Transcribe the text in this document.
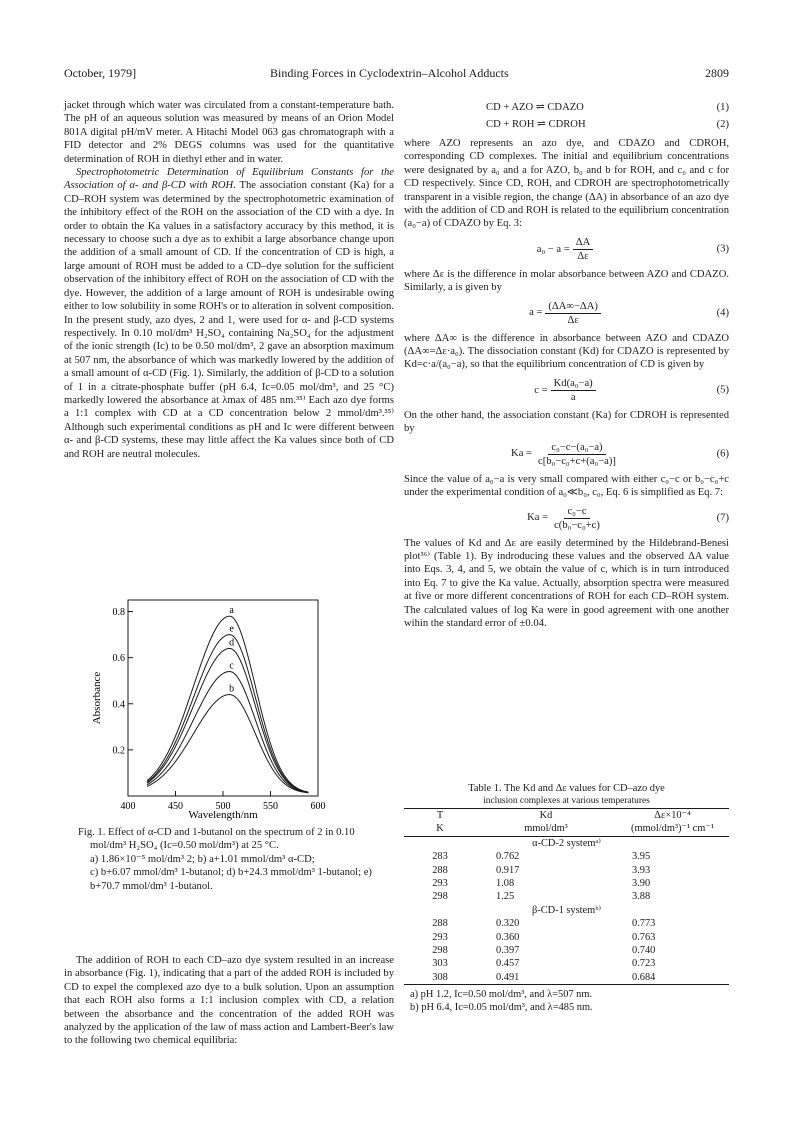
October, 1979]	Binding Forces in Cyclodextrin–Alcohol Adducts	2809

jacket through which water was circulated from a constant-temperature bath. The pH of an aqueous solution was measured by means of an Orion Model 801A digital pH/mV meter. A Hitachi Model 063 gas chromatograph with a FID detector and 2% DEGS columns was used for the quantitative determination of ROH in diethyl ether and in water.

Spectrophotometric Determination of Equilibrium Constants for the Association of α- and β-CD with ROH. The association constant (Ka) for a CD–ROH system was determined by the spectrophotometric examination of the inhibitory effect of the ROH on the association of the CD with a dye. In order to obtain the Ka values in a satisfactory accuracy by this method, it is necessary to choose such a dye as to exhibit a large absorbance change upon the addition of a small amount of CD. If the concentration of CD is high, a large amount of ROH must be added to a CD–dye solution for the sufficient observation of the inhibitory effect of ROH on the association of CD with the dye. However, the addition of a large amount of ROH is undesirable owing either to low solubility in some ROH's or to alteration in solvent composition. In the present study, azo dyes, 2 and 1, were used for α- and β-CD systems respectively. In 0.10 mol/dm³ H₂SO₄ containing Na₂SO₄ for the adjustment of the ionic strength (Ic) to be 0.50 mol/dm³, 2 gave an absorption maximum at 507 nm, the absorbance of which was markedly lowered by the addition of a small amount of α-CD (Fig. 1). Similarly, the addition of β-CD to a solution of 1 in a citrate-phosphate buffer (pH 6.4, Ic=0.05 mol/dm³, and 25 °C) markedly lowered the absorbance at λmax of 485 nm.³⁵⁾ Each azo dye forms a 1:1 complex with CD at a CD concentration below 2 mmol/dm³.³⁵⁾ Although such experimental conditions as pH and Ic were different between α- and β-CD systems, these may little affect the Ka values since both of CD and ROH are neutral molecules.

0.2
0.4
0.6
0.8
400	450	500	550	600
a
e
d
c
b
Absorbance
Wavelength/nm

Fig. 1. Effect of α-CD and 1-butanol on the spectrum of 2 in 0.10 mol/dm³ H₂SO₄ (Ic=0.50 mol/dm³) at 25 °C.

a) 1.86×10⁻⁵ mol/dm³ 2; b) a+1.01 mmol/dm³ α-CD;

c) b+6.07 mmol/dm³ 1-butanol; d) b+24.3 mmol/dm³ 1-butanol; e) b+70.7 mmol/dm³ 1-butanol.

The addition of ROH to each CD–azo dye system resulted in an increase in absorbance (Fig. 1), indicating that a part of the added ROH is included by CD to expel the complexed azo dye to a bulk solution. Upon an assumption that each ROH also forms a 1:1 inclusion complex with CD, a relation between the absorbance and the concentration of the added ROH was analyzed by the application of the law of mass action and Lambert-Beer's law to the following two chemical equilibria:

CD + AZO ⇌ CDAZO	(1)
CD + ROH ⇌ CDROH	(2)

where AZO represents an azo dye, and CDAZO and CDROH, corresponding CD complexes. The initial and equilibrium concentrations were designated by a₀ and a for AZO, b₀ and b for ROH, and c₀ and c for CD respectively. Since CD, ROH, and CDROH are spectrophotometrically transparent in a visible region, the change (ΔA) in absorbance of an azo dye with the addition of CD and ROH is related to the equilibrium concentration (a₀−a) of CDAZO by Eq. 3:

$a_0 - a = \frac{\Delta A}{\Delta\varepsilon}$	(3)

where Δε is the difference in molar absorbance between AZO and CDAZO. Similarly, a is given by

$a = \frac{(\Delta A\infty-\Delta A)}{\Delta\varepsilon}$	(4)

where ΔA∞ is the difference in absorbance between AZO and CDAZO (ΔA∞=Δε·a₀). The dissociation constant (Kd) for CDAZO is represented by Kd=c·a/(a₀−a), so that the equilibrium concentration of CD is given by

$c = \frac{\text{Kd(a₀−a)}}{a}$	(5)

On the other hand, the association constant (Ka) for CDROH is represented by

$Ka = \frac{\text{c₀−c−(a₀−a)}}{\text{c[b₀−c₀+c+(a₀−a)]}}$	(6)

Since the value of a₀−a is very small compared with either c₀−c or b₀−c₀+c under the experimental condition of a₀≪b₀, c₀, Eq. 6 is simplified as Eq. 7:

$Ka = \frac{\text{c₀−c}}{\text{c(b₀−c₀+c)}}$	(7)

The values of Kd and Δε are easily determined by the Hildebrand-Benesi plot³⁶⁾ (Table 1). By indroducing these values and the observed ΔA value into Eqs. 3, 4, and 5, we obtain the value of c, which is in turn introduced into Eq. 7 to give the Ka value. Actually, absorption spectra were measured at five or more different concentrations of ROH for each CD–ROH system. The calculated values of log Ka were in good agreement with one another wihin the standard error of ±0.04.

Table 1. The Kd and Δε values for CD–azo dye
inclusion complexes at various temperatures
T	Kd	Δε×10⁻⁴
K	mmol/dm³	(mmol/dm³)⁻¹ cm⁻¹
α-CD-2 systemᵃ⁾		
283	0.762	3.95
288	0.917	3.93
293	1.08	3.90
298	1.25	3.88
β-CD-1 systemᵇ⁾		
288	0.320	0.773
293	0.360	0.763
298	0.397	0.740
303	0.457	0.723
308	0.491	0.684
a) pH 1.2, Ic=0.50 mol/dm³, and λ=507 nm.
b) pH 6.4, Ic=0.05 mol/dm³, and λ=485 nm.
